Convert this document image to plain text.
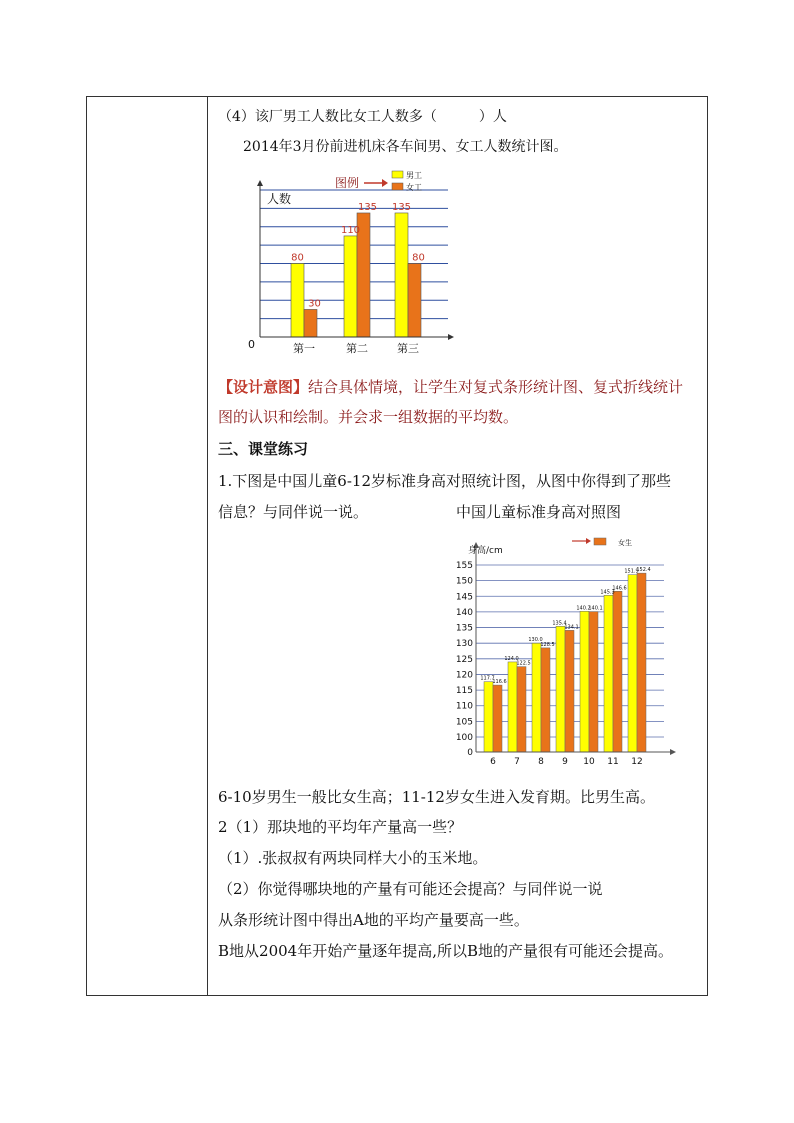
（4）该厂男工人数比女工人数多（　　　）人
2014年3月份前进机床各车间男、女工人数统计图。
80
30
110
135 135
80
第一	第二	第三
人数
0
图例
男工
女工
【设计意图】结合具体情境，让学生对复式条形统计图、复式折线统计
图的认识和绘制。并会求一组数据的平均数。
三、课堂练习
1.下图是中国儿童6-12岁标准身高对照统计图，从图中你得到了那些
信息？与同伴说一说。	中国儿童标准身高对照图
117.7
116.6
124.0
122.5
130.0
128.5
135.4
134.1
140.2
140.1
145.3
146.6
151.9
152.4
0
100
105
110
115
120
125
130
135
140
145
150
155
6 7 8 9 10 11 12
身高/cm
女生
6-10岁男生一般比女生高；11-12岁女生进入发育期。比男生高。
2（1）那块地的平均年产量高一些？
（1）.张叔叔有两块同样大小的玉米地。
（2）你觉得哪块地的产量有可能还会提高？与同伴说一说
从条形统计图中得出A地的平均产量要高一些。
B地从2004年开始产量逐年提高,所以B地的产量很有可能还会提高。
